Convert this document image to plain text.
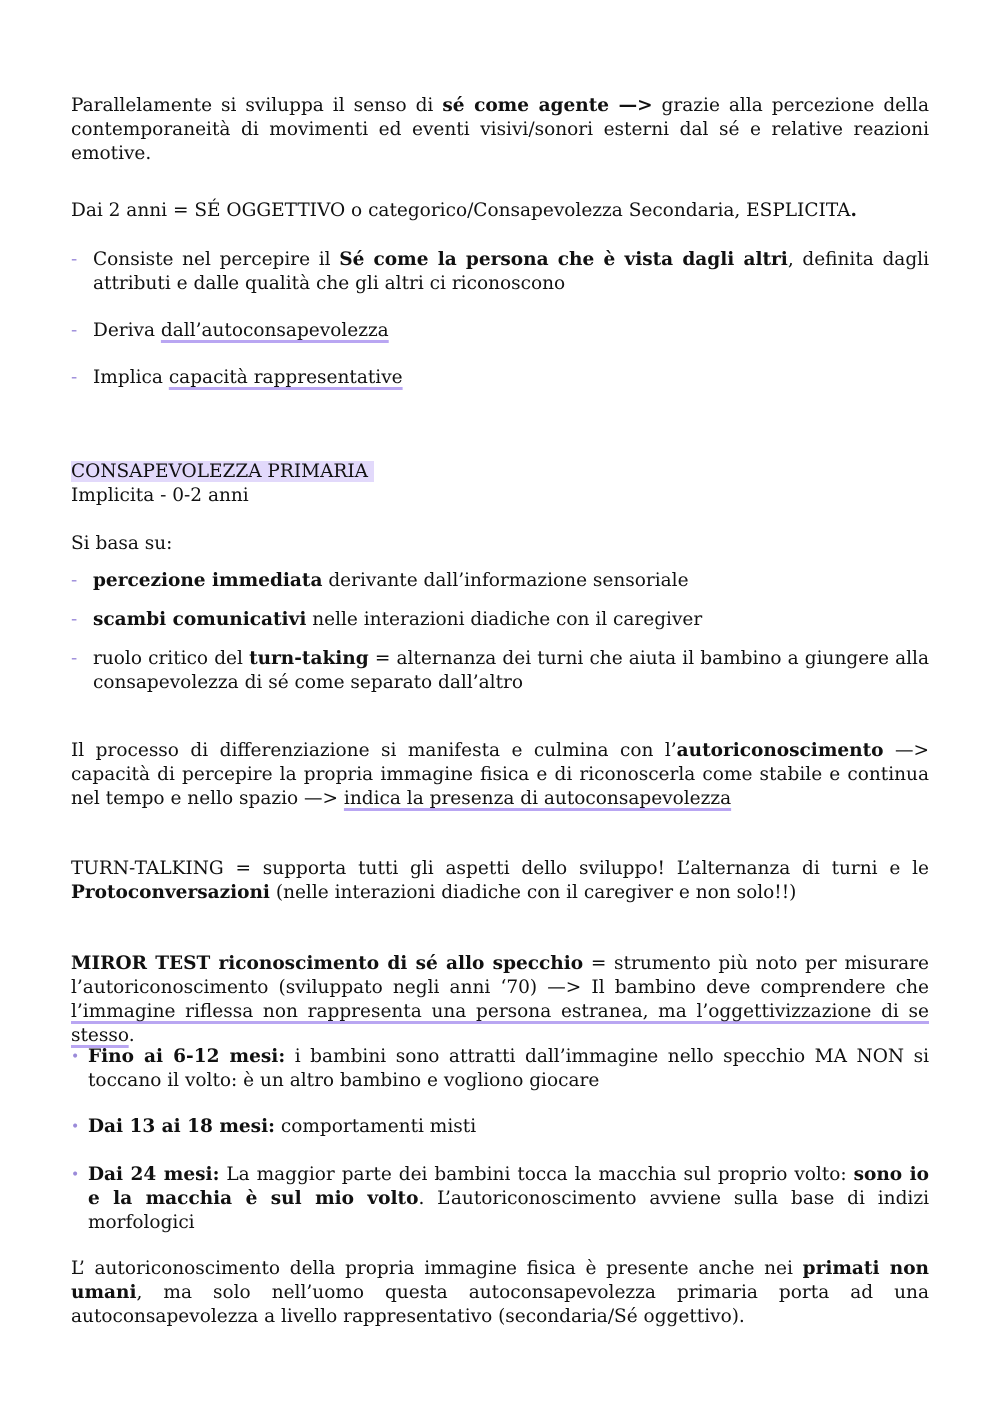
Parallelamente si sviluppa il senso di sé come agente —> grazie alla percezione della contemporaneità di movimenti ed eventi visivi/sonori esterni dal sé e relative reazioni emotive.

Dai 2 anni = SÉ OGGETTIVO o categorico/Consapevolezza Secondaria, ESPLICITA.

- Consiste nel percepire il Sé come la persona che è vista dagli altri, definita dagli attributi e dalle qualità che gli altri ci riconoscono
- Deriva dall’autoconsapevolezza
- Implica capacità rappresentative
CONSAPEVOLEZZA PRIMARIA
Implicita - 0-2 anni
Si basa su:
- percezione immediata derivante dall’informazione sensoriale
- scambi comunicativi nelle interazioni diadiche con il caregiver
- ruolo critico del turn-taking = alternanza dei turni che aiuta il bambino a giungere alla consapevolezza di sé come separato dall’altro

Il processo di differenziazione si manifesta e culmina con l’autoriconoscimento —> capacità di percepire la propria immagine fisica e di riconoscerla come stabile e continua nel tempo e nello spazio —> indica la presenza di autoconsapevolezza

TURN-TALKING = supporta tutti gli aspetti dello sviluppo! L’alternanza di turni e le Protoconversazioni (nelle interazioni diadiche con il caregiver e non solo!!)

MIROR TEST riconoscimento di sé allo specchio = strumento più noto per misurare l’autoriconoscimento (sviluppato negli anni ‘70) —> Il bambino deve comprendere che l’immagine riflessa non rappresenta una persona estranea, ma l’oggettivizzazione di se stesso.

• Fino ai 6-12 mesi: i bambini sono attratti dall’immagine nello specchio MA NON si toccano il volto: è un altro bambino e vogliono giocare
• Dai 13 ai 18 mesi: comportamenti misti
• Dai 24 mesi: La maggior parte dei bambini tocca la macchia sul proprio volto: sono io e la macchia è sul mio volto. L’autoriconoscimento avviene sulla base di indizi morfologici

L’ autoriconoscimento della propria immagine fisica è presente anche nei primati non umani, ma solo nell’uomo questa autoconsapevolezza primaria porta ad una autoconsapevolezza a livello rappresentativo (secondaria/Sé oggettivo).
